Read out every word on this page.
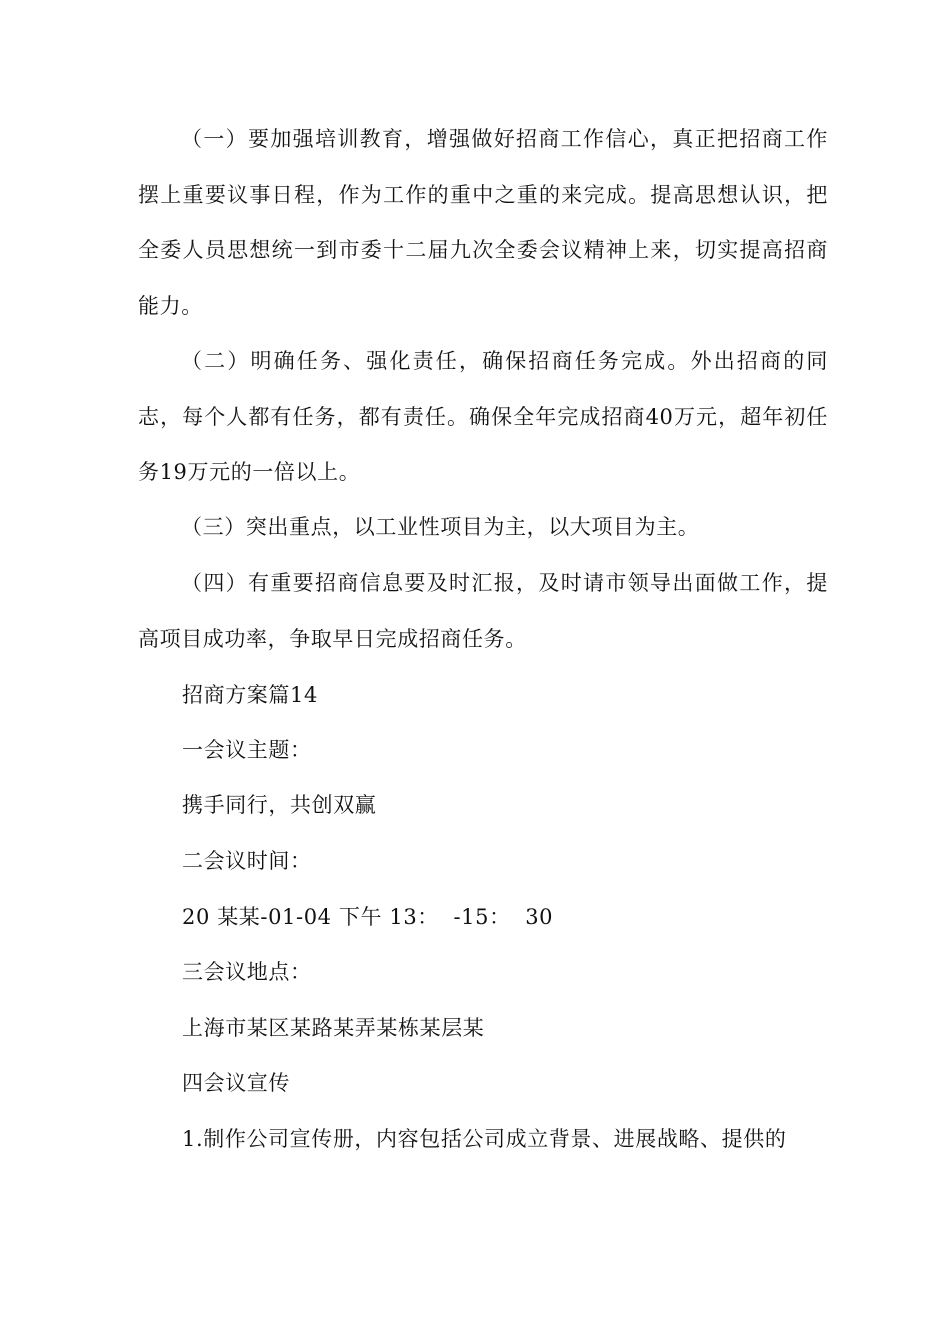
（一）要加强培训教育，增强做好招商工作信心，真正把招商工作摆上重要议事日程，作为工作的重中之重的来完成。提高思想认识，把全委人员思想统一到市委十二届九次全委会议精神上来，切实提高招商能力。

（二）明确任务、强化责任，确保招商任务完成。外出招商的同志，每个人都有任务，都有责任。确保全年完成招商40万元，超年初任务19万元的一倍以上。

（三）突出重点，以工业性项目为主，以大项目为主。

（四）有重要招商信息要及时汇报，及时请市领导出面做工作，提高项目成功率，争取早日完成招商任务。

招商方案篇14

一会议主题：

携手同行，共创双赢

二会议时间：

20 某某-01-04 下午 13：  -15：  30

三会议地点：

上海市某区某路某弄某栋某层某

四会议宣传

1.制作公司宣传册，内容包括公司成立背景、进展战略、提供的
